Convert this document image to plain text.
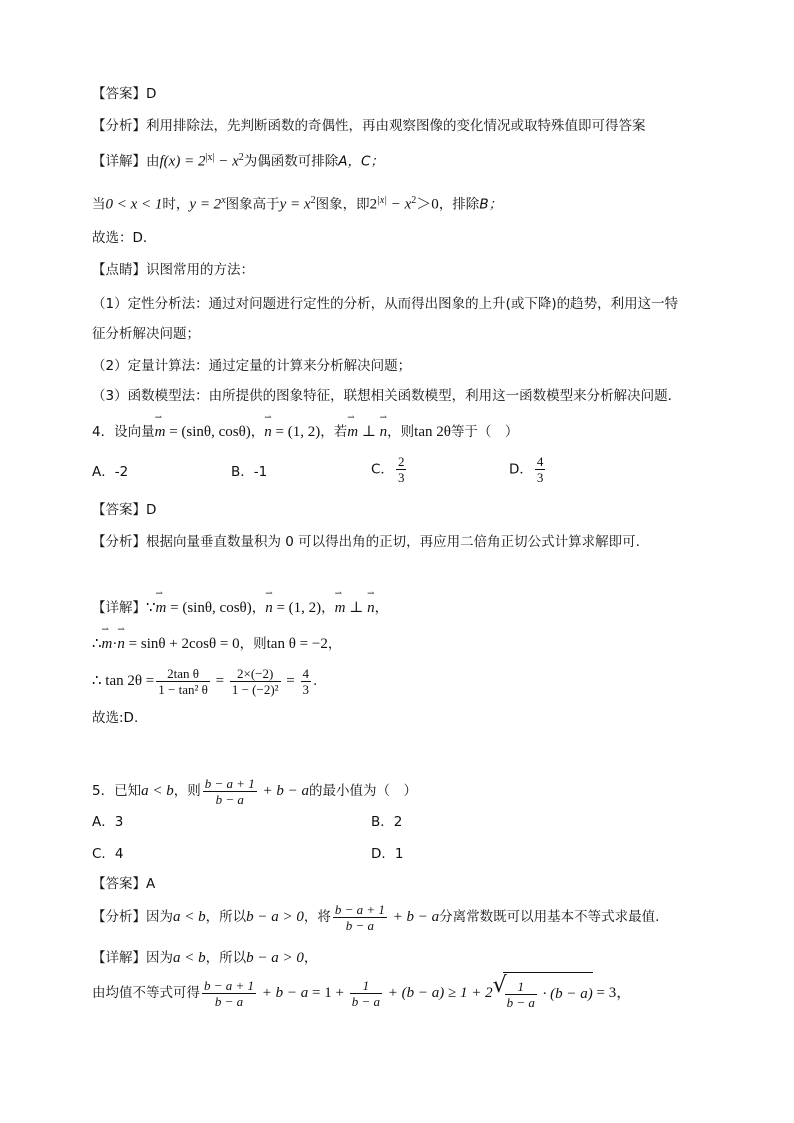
【答案】D
【分析】利用排除法，先判断函数的奇偶性，再由观察图像的变化情况或取特殊值即可得答案
【详解】由$f(x) = 2^{|x|} - x^2$为偶函数可排除A，C；
当0 < x < 1时，$y = 2^x$图象高于$y = x^2$图象，即$2^{|x|} - x^2>0$，排除B；
故选：D．
【点睛】识图常用的方法：
（1）定性分析法：通过对问题进行定性的分析，从而得出图象的上升(或下降)的趋势，利用这一特
征分析解决问题；
（2）定量计算法：通过定量的计算来分析解决问题；
（3）函数模型法：由所提供的图象特征，联想相关函数模型，利用这一函数模型来分析解决问题．
4．设向量
⇀
m = (sinθ, cosθ)，
⇀
n = (1, 2)，若
⇀
m ⊥
⇀
n，则tan 2θ等于（　）
A．-2	B．-1	C． $\frac{2}{3}$	D． $\frac{4}{3}$
【答案】D
【分析】根据向量垂直数量积为 0 可以得出角的正切，再应用二倍角正切公式计算求解即可.
【详解】∵
⇀
m = (sinθ, cosθ)，
⇀
n = (1, 2)，
⇀
m ⊥
⇀
n，
∴
⇀
m·
⇀
n = sinθ + 2cosθ = 0，则tan θ = −2，
∴ $\tan 2\theta = \frac{\text{2tan θ}}{\text{1 − tan² θ}} = \frac{2\times(-2)}{\text{1 − (−2)²}} = \frac{4}{3}$ .
故选:D.
5．已知a < b，则 $\frac{b - a + 1}{b - a} + b - a$的最小值为（　）
A．3	B．2
C．4	D．1
【答案】A
【分析】因为a < b，所以b − a > 0，将 $\frac{b - a + 1}{b - a} + b - a$分离常数既可以用基本不等式求最值.
【详解】因为a < b，所以b − a > 0，
由均值不等式可得 $\frac{b - a + 1}{b - a} + b - a = 1 + \frac{1}{b - a} + (b - a) \ge 1 + 2$ √
$\frac{1}{b - a} \cdot (b - a) = 3$，
